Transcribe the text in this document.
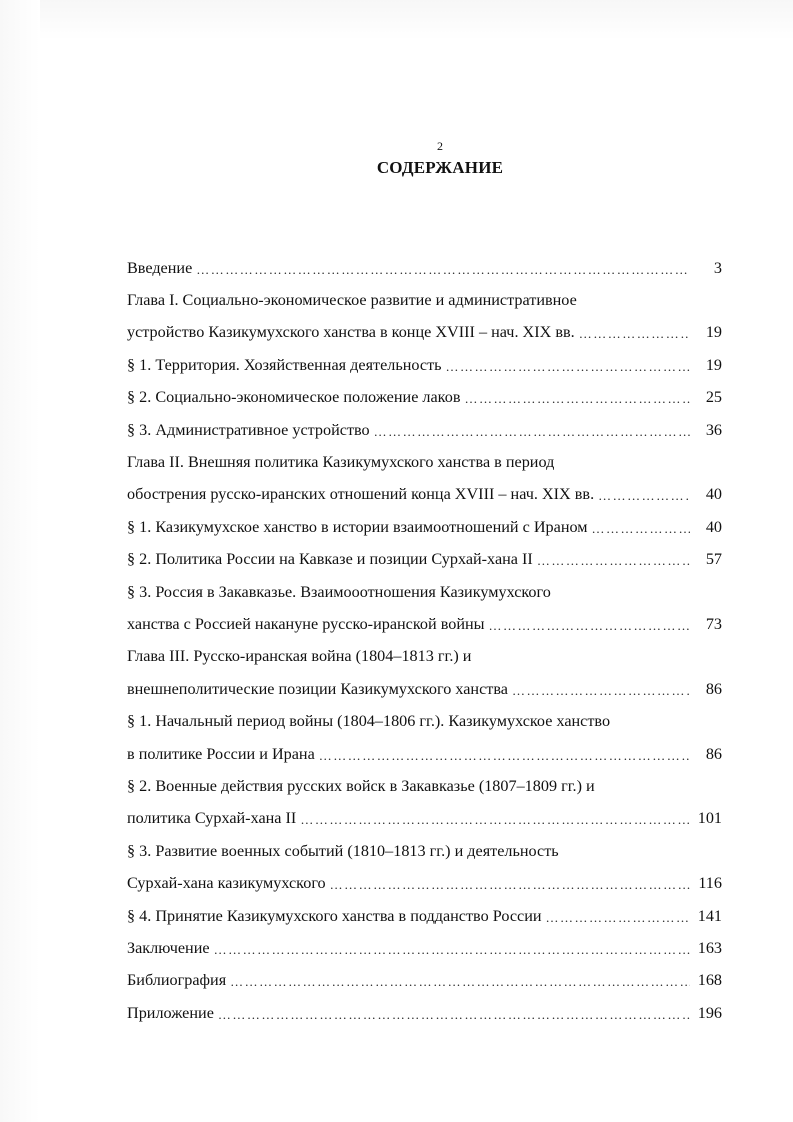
2
СОДЕРЖАНИЕ
Введение …………………………………………………………………………………………………………………………………………	3
Глава I. Социально-экономическое развитие и административное
устройство Казикумухского ханства в конце XVIII – нач. XIX вв. …………………………………………………………………………………………………………………………………………	19
§ 1. Территория. Хозяйственная деятельность …………………………………………………………………………………………………………………………………………	19
§ 2. Социально-экономическое положение лаков …………………………………………………………………………………………………………………………………………	25
§ 3. Административное устройство …………………………………………………………………………………………………………………………………………	36
Глава II. Внешняя политика Казикумухского ханства в период
обострения русско-иранских отношений конца XVIII – нач. XIX вв. …………………………………………………………………………………………………………………………………………	40
§ 1. Казикумухское ханство в истории взаимоотношений с Ираном …………………………………………………………………………………………………………………………………………	40
§ 2. Политика России на Кавказе и позиции Сурхай-хана II …………………………………………………………………………………………………………………………………………	57
§ 3. Россия в Закавказье. Взаимооотношения Казикумухского
ханства с Россией накануне русско-иранской войны …………………………………………………………………………………………………………………………………………	73
Глава III. Русско-иранская война (1804–1813 гг.) и
внешнеполитические позиции Казикумухского ханства …………………………………………………………………………………………………………………………………………	86
§ 1. Начальный период войны (1804–1806 гг.). Казикумухское ханство
в политике России и Ирана …………………………………………………………………………………………………………………………………………	86
§ 2. Военные действия русских войск в Закавказье (1807–1809 гг.) и
политика Сурхай-хана II …………………………………………………………………………………………………………………………………………	101
§ 3. Развитие военных событий (1810–1813 гг.) и деятельность
Сурхай-хана казикумухского …………………………………………………………………………………………………………………………………………	116
§ 4. Принятие Казикумухского ханства в подданство России …………………………………………………………………………………………………………………………………………	141
Заключение …………………………………………………………………………………………………………………………………………	163
Библиография …………………………………………………………………………………………………………………………………………	168
Приложение …………………………………………………………………………………………………………………………………………	196
